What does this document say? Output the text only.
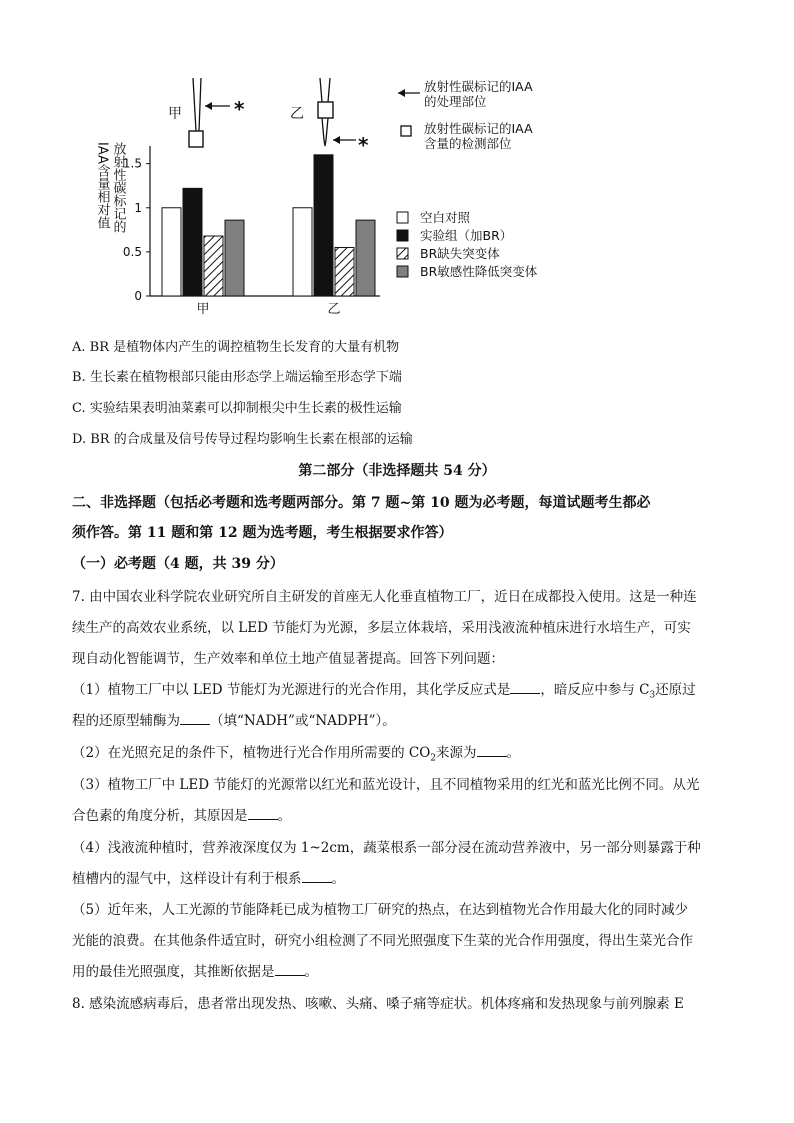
甲	*	乙
*
放射性碳标记的IAA
的处理部位
放射性碳标记的IAA
含量的检测部位
放射性碳标记的
IAA含量相对值
0
0.5
1
1.5
甲	乙
空白对照
实验组（加BR）
BR缺失突变体
BR敏感性降低突变体
A. BR 是植物体内产生的调控植物生长发育的大量有机物
B. 生长素在植物根部只能由形态学上端运输至形态学下端
C. 实验结果表明油菜素可以抑制根尖中生长素的极性运输
D. BR 的合成量及信号传导过程均影响生长素在根部的运输
第二部分（非选择题共 54 分）
二、非选择题（包括必考题和选考题两部分。第 7 题~第 10 题为必考题，每道试题考生都必
须作答。第 11 题和第 12 题为选考题，考生根据要求作答）
（一）必考题（4 题，共 39 分）
7. 由中国农业科学院农业研究所自主研发的首座无人化垂直植物工厂，近日在成都投入使用。这是一种连
续生产的高效农业系统，以 LED 节能灯为光源，多层立体栽培，采用浅液流种植床进行水培生产，可实
现自动化智能调节，生产效率和单位土地产值显著提高。回答下列问题：
（1）植物工厂中以 LED 节能灯为光源进行的光合作用，其化学反应式是 ，暗反应中参与 $C_3$还原过
程的还原型辅酶为 （填“NADH”或“NADPH”）。
（2）在光照充足的条件下，植物进行光合作用所需要的 $CO_2$来源为 。
（3）植物工厂中 LED 节能灯的光源常以红光和蓝光设计，且不同植物采用的红光和蓝光比例不同。从光
合色素的角度分析，其原因是 。
（4）浅液流种植时，营养液深度仅为 1~2cm，蔬菜根系一部分浸在流动营养液中，另一部分则暴露于种
植槽内的湿气中，这样设计有利于根系 。
（5）近年来，人工光源的节能降耗已成为植物工厂研究的热点，在达到植物光合作用最大化的同时减少
光能的浪费。在其他条件适宜时，研究小组检测了不同光照强度下生菜的光合作用强度，得出生菜光合作
用的最佳光照强度，其推断依据是 。
8. 感染流感病毒后，患者常出现发热、咳嗽、头痛、嗓子痛等症状。机体疼痛和发热现象与前列腺素 E
